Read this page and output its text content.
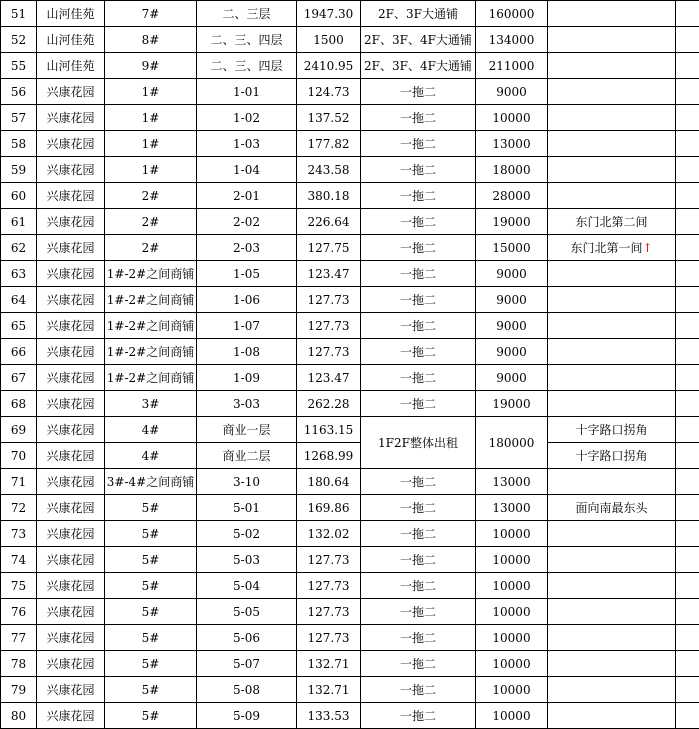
51	山河佳苑	7#	二、三层	1947.30	2F、3F大通铺	160000		
52	山河佳苑	8#	二、三、四层	1500	2F、3F、4F大通铺	134000		
55	山河佳苑	9#	二、三、四层	2410.95	2F、3F、4F大通铺	211000		
56	兴康花园	1#	1-01	124.73	一拖二	9000		
57	兴康花园	1#	1-02	137.52	一拖二	10000		
58	兴康花园	1#	1-03	177.82	一拖二	13000		
59	兴康花园	1#	1-04	243.58	一拖二	18000		
60	兴康花园	2#	2-01	380.18	一拖二	28000		
61	兴康花园	2#	2-02	226.64	一拖二	19000	东门北第二间	
62	兴康花园	2#	2-03	127.75	一拖二	15000	东门北第一间↑	
63	兴康花园	1#-2#之间商铺	1-05	123.47	一拖二	9000		
64	兴康花园	1#-2#之间商铺	1-06	127.73	一拖二	9000		
65	兴康花园	1#-2#之间商铺	1-07	127.73	一拖二	9000		
66	兴康花园	1#-2#之间商铺	1-08	127.73	一拖二	9000		
67	兴康花园	1#-2#之间商铺	1-09	123.47	一拖二	9000		
68	兴康花园	3#	3-03	262.28	一拖二	19000		
69	兴康花园	4#	商业一层	1163.15	1F2F整体出租	180000	十字路口拐角	
70	兴康花园	4#	商业二层	1268.99			十字路口拐角	
71	兴康花园	3#-4#之间商铺	3-10	180.64	一拖二	13000		
72	兴康花园	5#	5-01	169.86	一拖二	13000	面向南最东头	
73	兴康花园	5#	5-02	132.02	一拖二	10000		
74	兴康花园	5#	5-03	127.73	一拖二	10000		
75	兴康花园	5#	5-04	127.73	一拖二	10000		
76	兴康花园	5#	5-05	127.73	一拖二	10000		
77	兴康花园	5#	5-06	127.73	一拖二	10000		
78	兴康花园	5#	5-07	132.71	一拖二	10000		
79	兴康花园	5#	5-08	132.71	一拖二	10000		
80	兴康花园	5#	5-09	133.53	一拖二	10000		
